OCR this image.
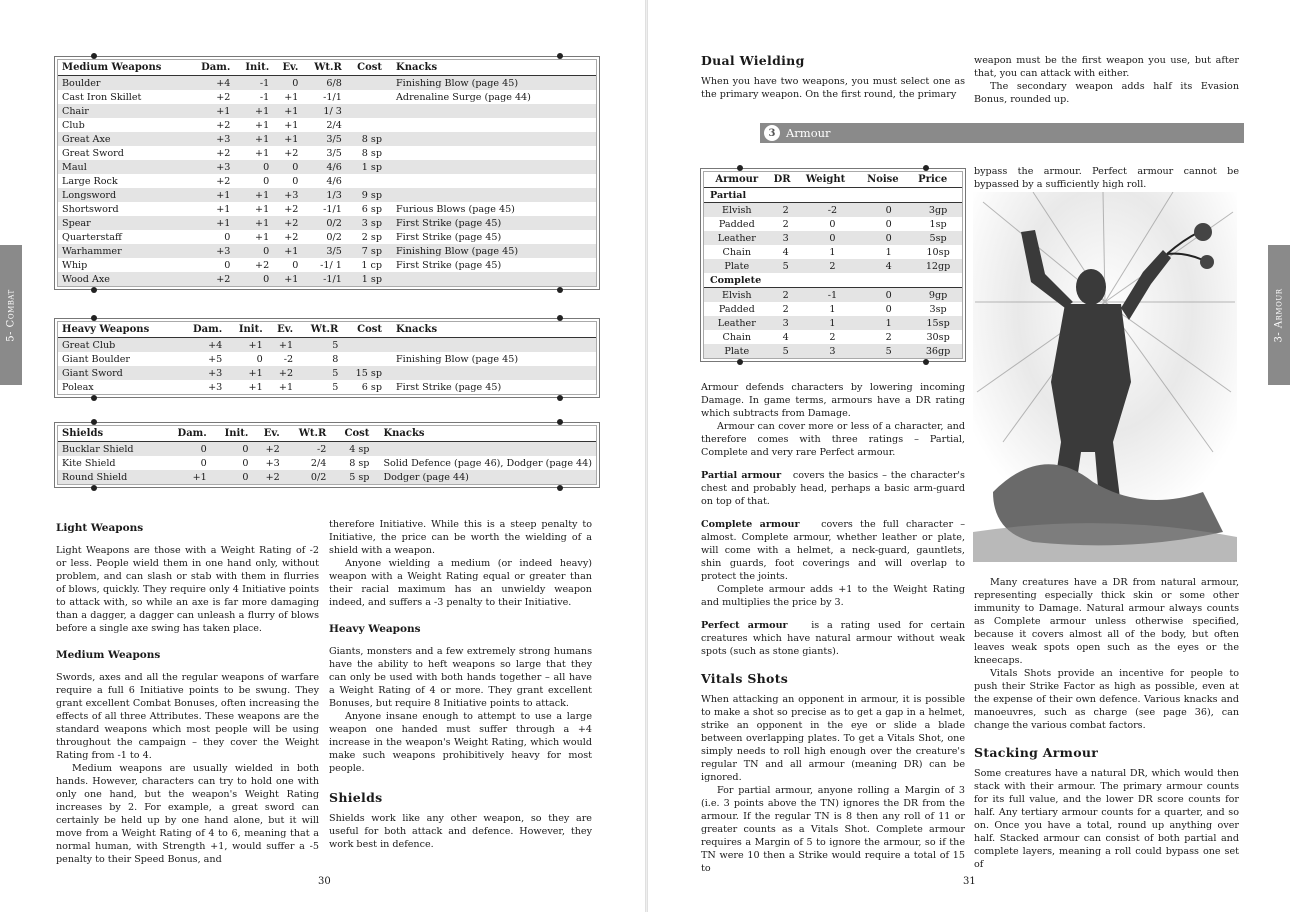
5- Combat
Medium Weapons	Dam.	Init.	Ev.	Wt.R	Cost	Knacks
Boulder	+4	-1	0	6/8		Finishing Blow (page 45)
Cast Iron Skillet	+2	-1	+1	-1/1		Adrenaline Surge (page 44)
Chair	+1	+1	+1	1/ 3		
Club	+2	+1	+1	2/4		
Great Axe	+3	+1	+1	3/5	8 sp	
Great Sword	+2	+1	+2	3/5	8 sp	
Maul	+3	0	0	4/6	1 sp	
Large Rock	+2	0	0	4/6		
Longsword	+1	+1	+3	1/3	9 sp	
Shortsword	+1	+1	+2	-1/1	6 sp	Furious Blows (page 45)
Spear	+1	+1	+2	0/2	3 sp	First Strike (page 45)
Quarterstaff	0	+1	+2	0/2	2 sp	First Strike (page 45)
Warhammer	+3	0	+1	3/5	7 sp	Finishing Blow (page 45)
Whip	0	+2	0	-1/ 1	1 cp	First Strike (page 45)
Wood Axe	+2	0	+1	-1/1	1 sp	
Heavy Weapons	Dam.	Init.	Ev.	Wt.R	Cost	Knacks
Great Club	+4	+1	+1	5		
Giant Boulder	+5	0	-2	8		Finishing Blow (page 45)
Giant Sword	+3	+1	+2	5	15 sp	
Poleax	+3	+1	+1	5	6 sp	First Strike (page 45)
Shields	Dam.	Init.	Ev.	Wt.R	Cost	Knacks
Bucklar Shield	0	0	+2	-2	4 sp	
Kite Shield	0	0	+3	2/4	8 sp	Solid Defence (page 46), Dodger (page 44)
Round Shield	+1	0	+2	0/2	5 sp	Dodger (page 44)
Light Weapons

Light Weapons are those with a Weight Rating of -2 or less. People wield them in one hand only, without problem, and can slash or stab with them in flurries of blows, quickly. They require only 4 Initiative points to attack with, so while an axe is far more damaging than a dagger, a dagger can unleash a flurry of blows before a single axe swing has taken place.

Medium Weapons

Swords, axes and all the regular weapons of warfare require a full 6 Initiative points to be swung. They grant excellent Combat Bonuses, often increasing the effects of all three Attributes. These weapons are the standard weapons which most people will be using throughout the campaign – they cover the Weight Rating from -1 to 4.

Medium weapons are usually wielded in both hands. However, characters can try to hold one with only one hand, but the weapon's Weight Rating increases by 2. For example, a great sword can certainly be held up by one hand alone, but it will move from a Weight Rating of 4 to 6, meaning that a normal human, with Strength +1, would suffer a -5 penalty to their Speed Bonus, and

therefore Initiative. While this is a steep penalty to Initiative, the price can be worth the wielding of a shield with a weapon.

Anyone wielding a medium (or indeed heavy) weapon with a Weight Rating equal or greater than their racial maximum has an unwieldy weapon indeed, and suffers a -3 penalty to their Initiative.

Heavy Weapons

Giants, monsters and a few extremely strong humans have the ability to heft weapons so large that they can only be used with both hands together – all have a Weight Rating of 4 or more. They grant excellent Bonuses, but require 8 Initiative points to attack.

Anyone insane enough to attempt to use a large weapon one handed must suffer through a +4 increase in the weapon's Weight Rating, which would make such weapons prohibitively heavy for most people.

Shields

Shields work like any other weapon, so they are useful for both attack and defence. However, they work best in defence.

30
3- Armour
Dual Wielding

When you have two weapons, you must select one as the primary weapon. On the first round, the primary

weapon must be the first weapon you use, but after that, you can attack with either.

The secondary weapon adds half its Evasion Bonus, rounded up.

3 Armour
Armour	DR	Weight	Noise	Price
Partial				
Elvish	2	-2	0	3gp
Padded	2	0	0	1sp
Leather	3	0	0	5sp
Chain	4	1	1	10sp
Plate	5	2	4	12gp
Complete				
Elvish	2	-1	0	9gp
Padded	2	1	0	3sp
Leather	3	1	1	15sp
Chain	4	2	2	30sp
Plate	5	3	5	36gp

bypass the armour. Perfect armour cannot be bypassed by a sufficiently high roll.

Armour defends characters by lowering incoming Damage. In game terms, armours have a DR rating which subtracts from Damage.

Armour can cover more or less of a character, and therefore comes with three ratings – Partial, Complete and very rare Perfect armour.

Partial armour covers the basics – the character's chest and probably head, perhaps a basic arm-guard on top of that.

Complete armour covers the full character – almost. Complete armour, whether leather or plate, will come with a helmet, a neck-guard, gauntlets, shin guards, foot coverings and will overlap to protect the joints.

Complete armour adds +1 to the Weight Rating and multiplies the price by 3.

Perfect armour is a rating used for certain creatures which have natural armour without weak spots (such as stone giants).

Vitals Shots

When attacking an opponent in armour, it is possible to make a shot so precise as to get a gap in a helmet, strike an opponent in the eye or slide a blade between overlapping plates. To get a Vitals Shot, one simply needs to roll high enough over the creature's regular TN and all armour (meaning DR) can be ignored.

For partial armour, anyone rolling a Margin of 3 (i.e. 3 points above the TN) ignores the DR from the armour. If the regular TN is 8 then any roll of 11 or greater counts as a Vitals Shot. Complete armour requires a Margin of 5 to ignore the armour, so if the TN were 10 then a Strike would require a total of 15 to

Many creatures have a DR from natural armour, representing especially thick skin or some other immunity to Damage. Natural armour always counts as Complete armour unless otherwise specified, because it covers almost all of the body, but often leaves weak spots open such as the eyes or the kneecaps.

Vitals Shots provide an incentive for people to push their Strike Factor as high as possible, even at the expense of their own defence. Various knacks and manoeuvres, such as charge (see page 36), can change the various combat factors.

Stacking Armour

Some creatures have a natural DR, which would then stack with their armour. The primary armour counts for its full value, and the lower DR score counts for half. Any tertiary armour counts for a quarter, and so on. Once you have a total, round up anything over half. Stacked armour can consist of both partial and complete layers, meaning a roll could bypass one set of

31
